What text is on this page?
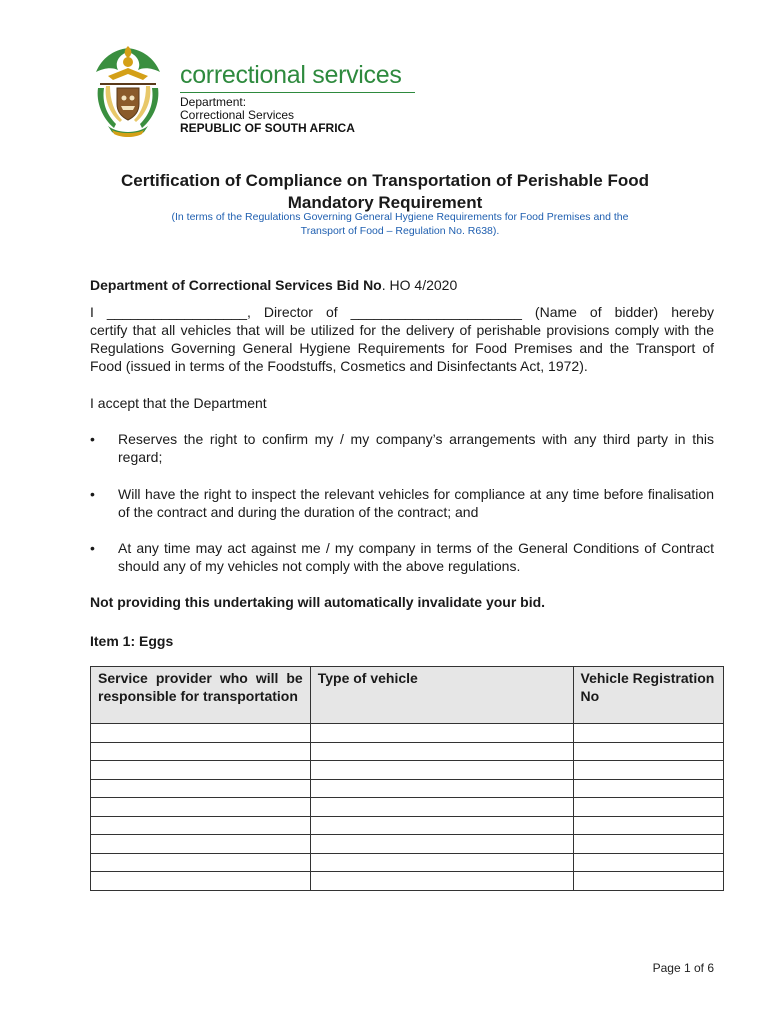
correctional services
Department:
Correctional Services
REPUBLIC OF SOUTH AFRICA
Certification of Compliance on Transportation of Perishable Food
Mandatory Requirement
(In terms of the Regulations Governing General Hygiene Requirements for Food Premises and the
Transport of Food – Regulation No. R638).
Department of Correctional Services Bid No. HO 4/2020
I __________________, Director of ______________________ (Name of bidder) hereby
certify that all vehicles that will be utilized for the delivery of perishable provisions comply with the Regulations Governing General Hygiene Requirements for Food Premises and the Transport of Food (issued in terms of the Foodstuffs, Cosmetics and Disinfectants Act, 1972).
I accept that the Department
•	Reserves the right to confirm my / my company’s arrangements with any third party in this regard;
•	Will have the right to inspect the relevant vehicles for compliance at any time before finalisation of the contract and during the duration of the contract; and
•	At any time may act against me / my company in terms of the General Conditions of Contract should any of my vehicles not comply with the above regulations.
Not providing this undertaking will automatically invalidate your bid.
Item 1: Eggs
Service provider who will be responsible for transportation	Type of vehicle	Vehicle Registration No

Page 1 of 6
